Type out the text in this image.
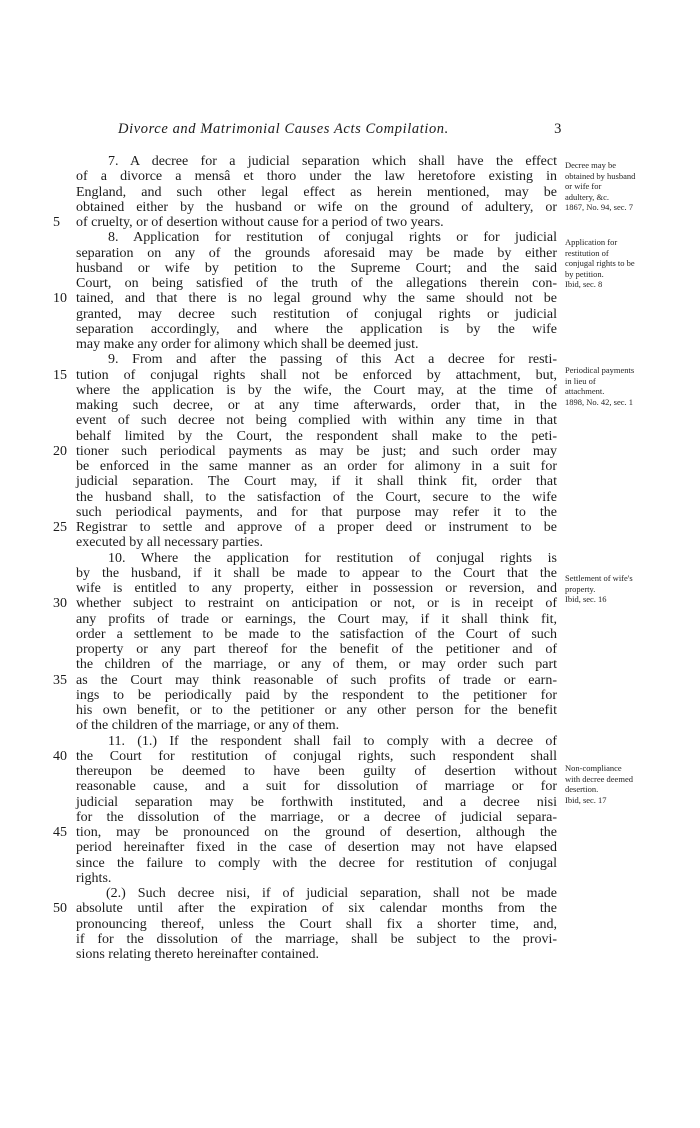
Divorce and Matrimonial Causes Acts Compilation.	3
7. A decree for a judicial separation which shall have the effect
of a divorce a mensâ et thoro under the law heretofore existing in
England, and such other legal effect as herein mentioned, may be
obtained either by the husband or wife on the ground of adultery, or
5 of cruelty, or of desertion without cause for a period of two years.
8. Application for restitution of conjugal rights or for judicial
separation on any of the grounds aforesaid may be made by either
husband or wife by petition to the Supreme Court; and the said
Court, on being satisfied of the truth of the allegations therein con-
10 tained, and that there is no legal ground why the same should not be
granted, may decree such restitution of conjugal rights or judicial
separation accordingly, and where the application is by the wife
may make any order for alimony which shall be deemed just.
9. From and after the passing of this Act a decree for resti-
15 tution of conjugal rights shall not be enforced by attachment, but,
where the application is by the wife, the Court may, at the time of
making such decree, or at any time afterwards, order that, in the
event of such decree not being complied with within any time in that
behalf limited by the Court, the respondent shall make to the peti-
20 tioner such periodical payments as may be just; and such order may
be enforced in the same manner as an order for alimony in a suit for
judicial separation. The Court may, if it shall think fit, order that
the husband shall, to the satisfaction of the Court, secure to the wife
such periodical payments, and for that purpose may refer it to the
25 Registrar to settle and approve of a proper deed or instrument to be
executed by all necessary parties.
10. Where the application for restitution of conjugal rights is
by the husband, if it shall be made to appear to the Court that the
wife is entitled to any property, either in possession or reversion, and
30 whether subject to restraint on anticipation or not, or is in receipt of
any profits of trade or earnings, the Court may, if it shall think fit,
order a settlement to be made to the satisfaction of the Court of such
property or any part thereof for the benefit of the petitioner and of
the children of the marriage, or any of them, or may order such part
35 as the Court may think reasonable of such profits of trade or earn-
ings to be periodically paid by the respondent to the petitioner for
his own benefit, or to the petitioner or any other person for the benefit
of the children of the marriage, or any of them.
11. (1.) If the respondent shall fail to comply with a decree of
40 the Court for restitution of conjugal rights, such respondent shall
thereupon be deemed to have been guilty of desertion without
reasonable cause, and a suit for dissolution of marriage or for
judicial separation may be forthwith instituted, and a decree nisi
for the dissolution of the marriage, or a decree of judicial separa-
45 tion, may be pronounced on the ground of desertion, although the
period hereinafter fixed in the case of desertion may not have elapsed
since the failure to comply with the decree for restitution of conjugal
rights.
(2.) Such decree nisi, if of judicial separation, shall not be made
50 absolute until after the expiration of six calendar months from the
pronouncing thereof, unless the Court shall fix a shorter time, and,
if for the dissolution of the marriage, shall be subject to the provi-
sions relating thereto hereinafter contained.
Decree may be
obtained by husband
or wife for
adultery, &c.
1867, No. 94, sec. 7
Application for
restitution of
conjugal rights to be
by petition.
Ibid, sec. 8
Periodical payments
in lieu of
attachment.
1898, No. 42, sec. 1
Settlement of wife's
property.
Ibid, sec. 16
Non-compliance
with decree deemed
desertion.
Ibid, sec. 17
